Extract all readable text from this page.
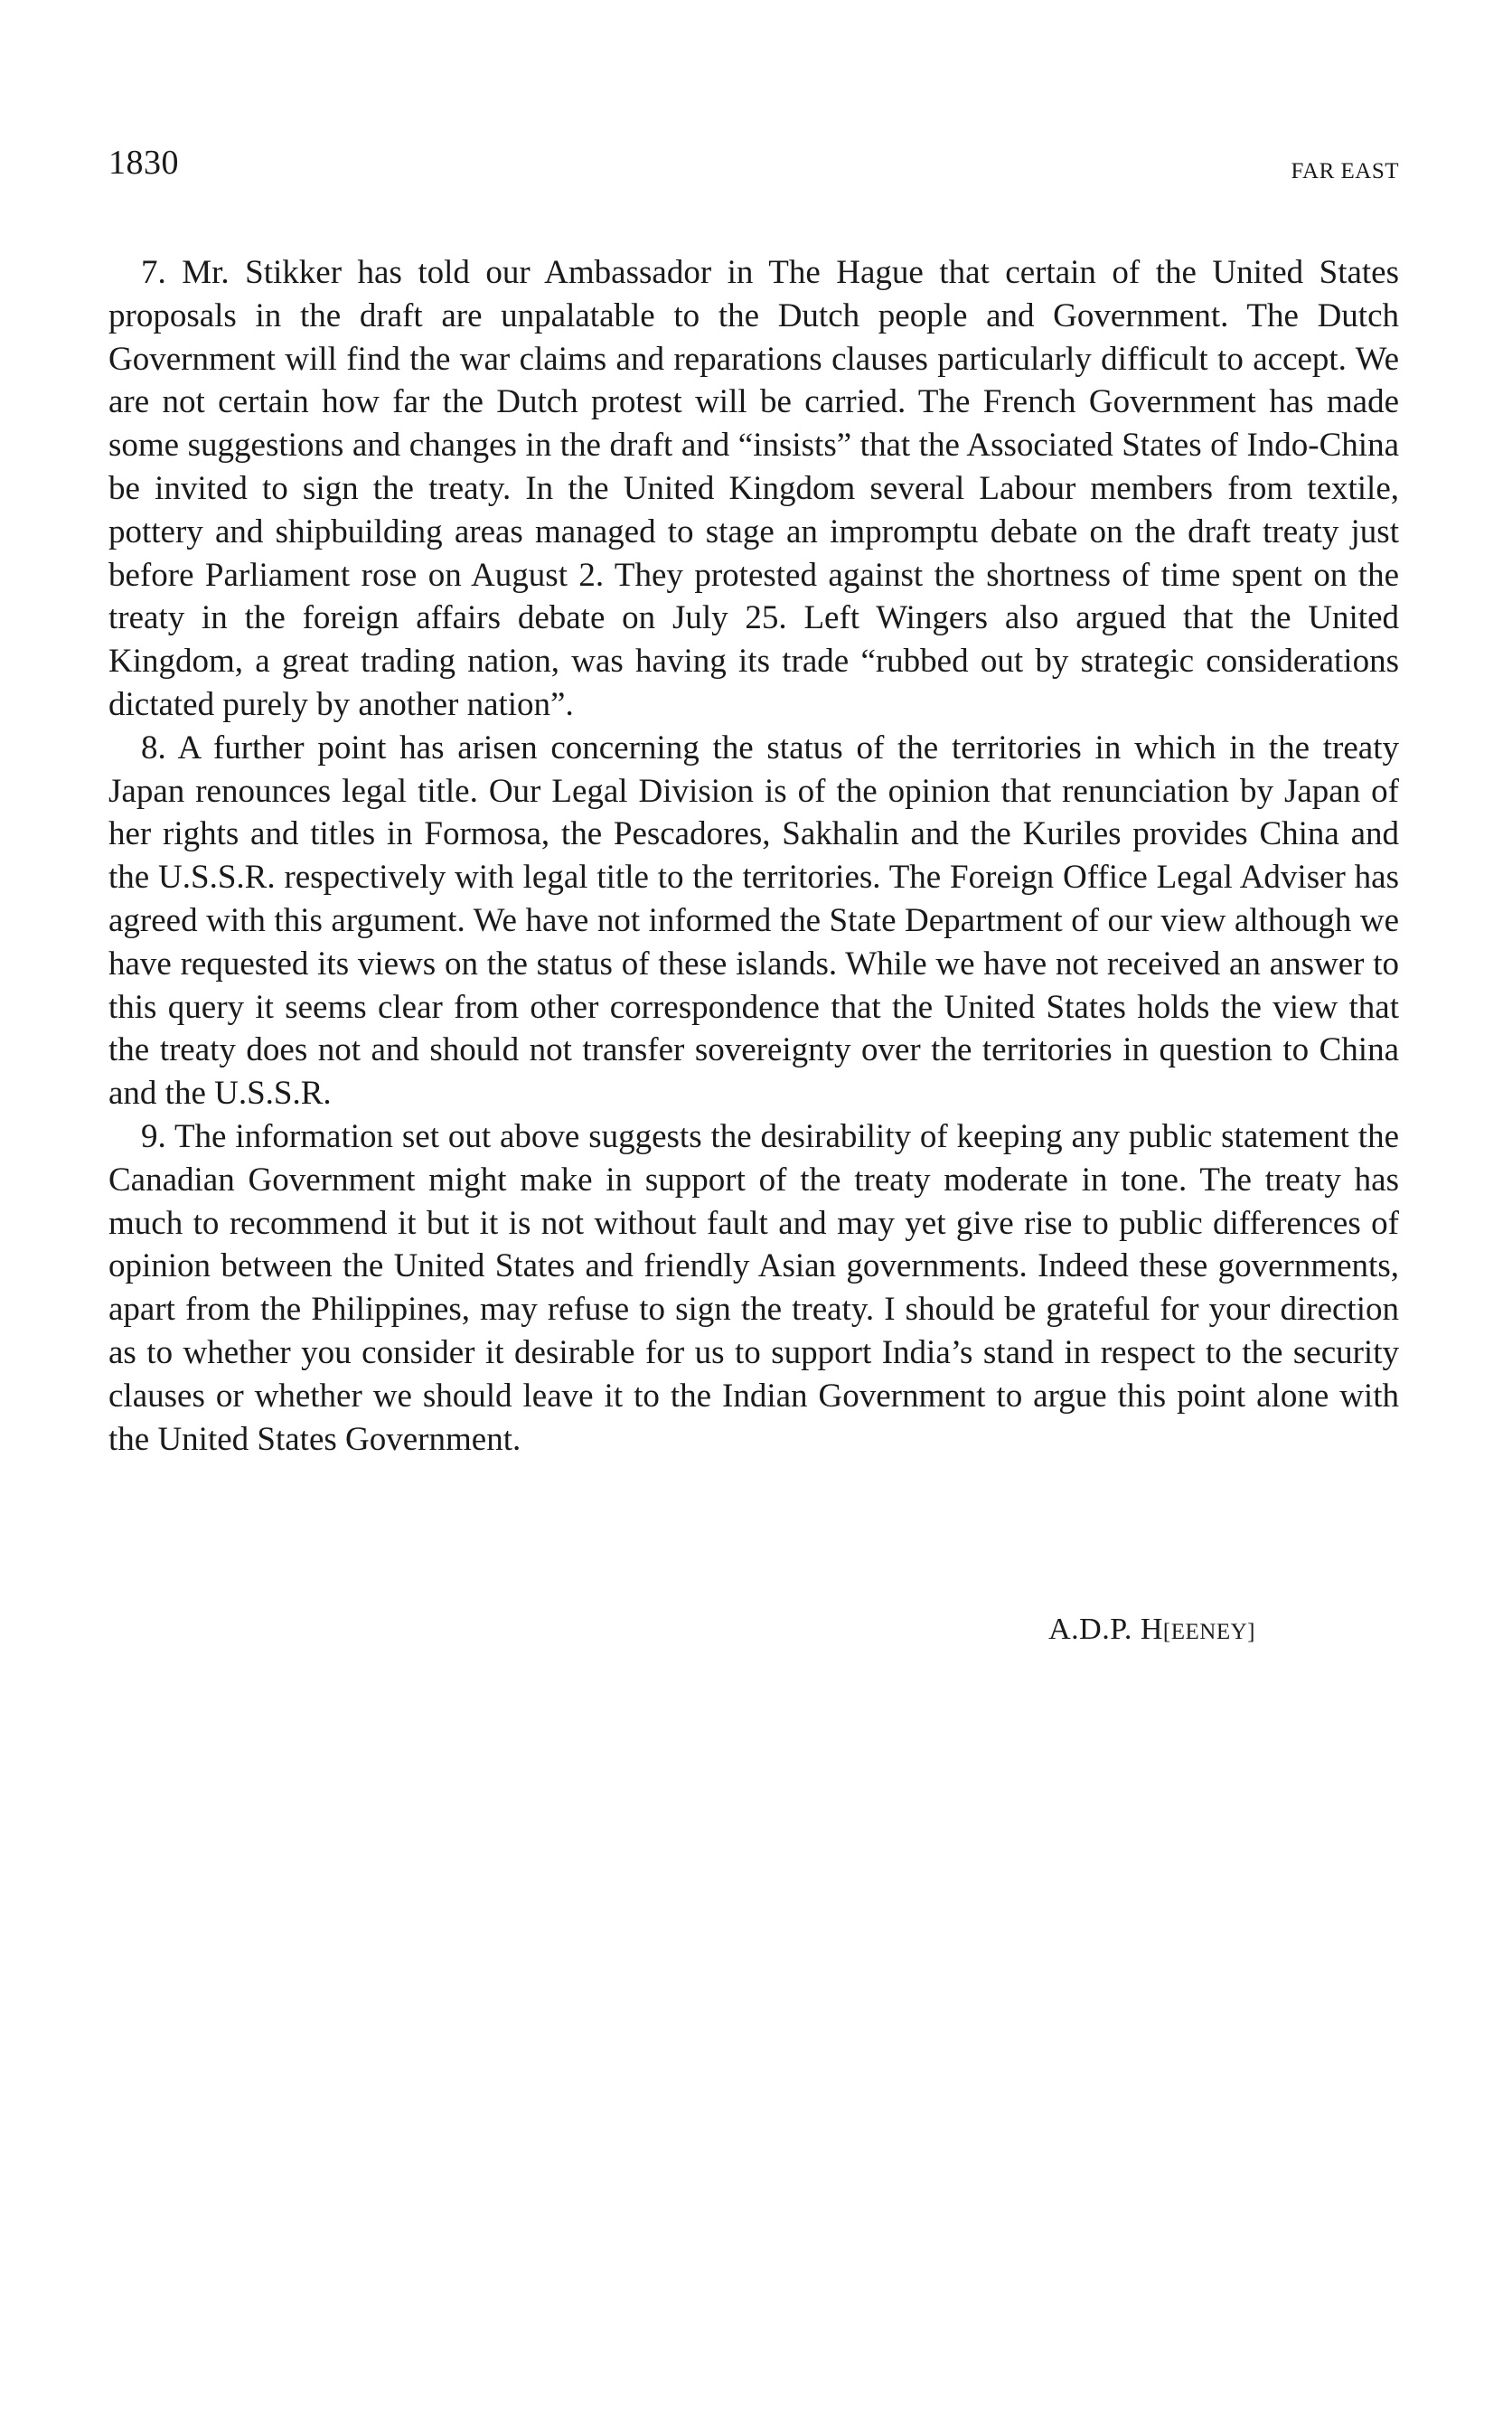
1830	FAR EAST

7. Mr. Stikker has told our Ambassador in The Hague that certain of the United States proposals in the draft are unpalatable to the Dutch people and Government. The Dutch Government will find the war claims and reparations clauses particularly difficult to accept. We are not certain how far the Dutch protest will be carried. The French Government has made some suggestions and changes in the draft and “insists” that the Associated States of Indo-China be invited to sign the treaty. In the United Kingdom several Labour members from textile, pottery and shipbuilding areas managed to stage an impromptu debate on the draft treaty just before Parliament rose on August 2. They protested against the shortness of time spent on the treaty in the foreign affairs debate on July 25. Left Wingers also argued that the United Kingdom, a great trading nation, was having its trade “rubbed out by strategic considerations dictated purely by another nation”.

8. A further point has arisen concerning the status of the territories in which in the treaty Japan renounces legal title. Our Legal Division is of the opinion that renunciation by Japan of her rights and titles in Formosa, the Pescadores, Sakhalin and the Kuriles provides China and the U.S.S.R. respectively with legal title to the territories. The Foreign Office Legal Adviser has agreed with this argument. We have not informed the State Department of our view although we have requested its views on the status of these islands. While we have not received an answer to this query it seems clear from other correspondence that the United States holds the view that the treaty does not and should not transfer sovereignty over the territories in question to China and the U.S.S.R.

9. The information set out above suggests the desirability of keeping any public statement the Canadian Government might make in support of the treaty moderate in tone. The treaty has much to recommend it but it is not without fault and may yet give rise to public differences of opinion between the United States and friendly Asian governments. Indeed these governments, apart from the Philippines, may refuse to sign the treaty. I should be grateful for your direction as to whether you consider it desirable for us to support India’s stand in respect to the security clauses or whether we should leave it to the Indian Government to argue this point alone with the United States Government.

A.D.P. H[EENEY]
